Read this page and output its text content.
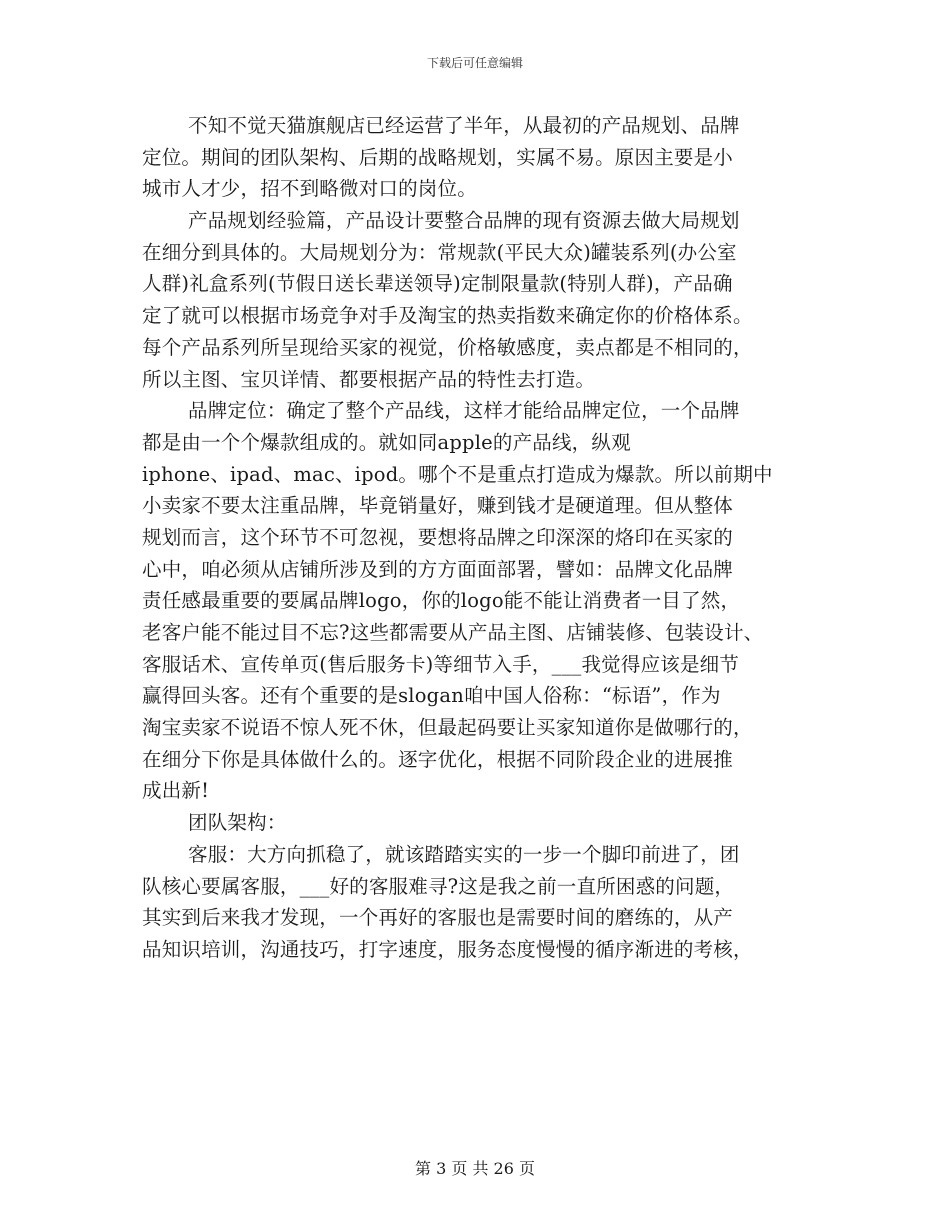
下载后可任意编辑
不知不觉天猫旗舰店已经运营了半年，从最初的产品规划、品牌
定位。期间的团队架构、后期的战略规划，实属不易。原因主要是小
城市人才少，招不到略微对口的岗位。
产品规划经验篇，产品设计要整合品牌的现有资源去做大局规划
在细分到具体的。大局规划分为：常规款(平民大众)罐装系列(办公室
人群)礼盒系列(节假日送长辈送领导)定制限量款(特别人群)，产品确
定了就可以根据市场竞争对手及淘宝的热卖指数来确定你的价格体系。
每个产品系列所呈现给买家的视觉，价格敏感度，卖点都是不相同的，
所以主图、宝贝详情、都要根据产品的特性去打造。
品牌定位：确定了整个产品线，这样才能给品牌定位，一个品牌
都是由一个个爆款组成的。就如同apple的产品线，纵观
iphone、ipad、mac、ipod。哪个不是重点打造成为爆款。所以前期中
小卖家不要太注重品牌，毕竟销量好，赚到钱才是硬道理。但从整体
规划而言，这个环节不可忽视，要想将品牌之印深深的烙印在买家的
心中，咱必须从店铺所涉及到的方方面面部署，譬如：品牌文化品牌
责任感最重要的要属品牌logo，你的logo能不能让消费者一目了然，
老客户能不能过目不忘?这些都需要从产品主图、店铺装修、包装设计、
客服话术、宣传单页(售后服务卡)等细节入手，___我觉得应该是细节
赢得回头客。还有个重要的是slogan咱中国人俗称：“标语”，作为
淘宝卖家不说语不惊人死不休，但最起码要让买家知道你是做哪行的，
在细分下你是具体做什么的。逐字优化，根据不同阶段企业的进展推
成出新!
团队架构：
客服：大方向抓稳了，就该踏踏实实的一步一个脚印前进了，团
队核心要属客服，___好的客服难寻?这是我之前一直所困惑的问题，
其实到后来我才发现，一个再好的客服也是需要时间的磨练的，从产
品知识培训，沟通技巧，打字速度，服务态度慢慢的循序渐进的考核，
第 3 页 共 26 页
